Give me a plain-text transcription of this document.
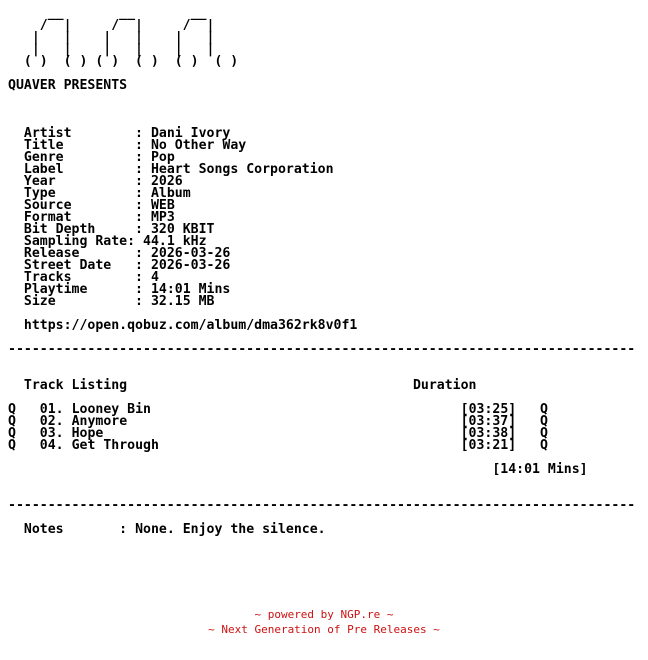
__       __       __
/  |     /  |     /  |
|   |    |   |    |   |
|   |    |   |    |   |
( )  ( ) ( )  ( )  ( )  ( )

QUAVER PRESENTS

Artist        : Dani Ivory
Title         : No Other Way
Genre         : Pop
Label         : Heart Songs Corporation
Year          : 2026
Type          : Album
Source        : WEB
Format        : MP3
Bit Depth     : 320 KBIT
Sampling Rate: 44.1 kHz
Release       : 2026-03-26
Street Date   : 2026-03-26
Tracks        : 4
Playtime      : 14:01 Mins
Size          : 32.15 MB

https://open.qobuz.com/album/dma362rk8v0f1

-------------------------------------------------------------------------------

Track Listing	Duration

Q 01. Looney Bin	[03:25] Q
Q 02. Anymore	[03:37] Q
Q 03. Hope	[03:38] Q
Q 04. Get Through	[03:21] Q

[14:01 Mins]

-------------------------------------------------------------------------------

Notes       : None. Enjoy the silence.
~ powered by NGP.re ~
~ Next Generation of Pre Releases ~
